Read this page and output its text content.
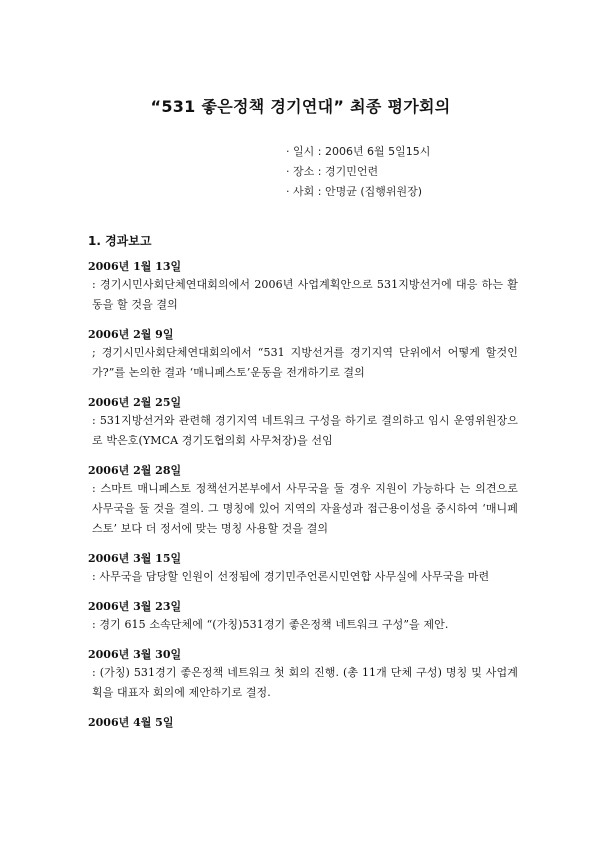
“531 좋은정책 경기연대” 최종 평가회의
· 일시 : 2006년 6월 5일15시
· 장소 : 경기민언련
· 사회 : 안명균 (집행위원장)
1. 경과보고
2006년 1월 13일
: 경기시민사회단체연대회의에서 2006년 사업계획안으로 531지방선거에 대응 하는 활동을 할 것을 결의
2006년 2월 9일
; 경기시민사회단체연대회의에서 “531 지방선거를 경기지역 단위에서 어떻게 할것인가?”를 논의한 결과 ‘매니페스토’운동을 전개하기로 결의
2006년 2월 25일
: 531지방선거와 관련해 경기지역 네트워크 구성을 하기로 결의하고 임시 운영위원장으로 박은호(YMCA 경기도협의회 사무처장)을 선임
2006년 2월 28일
: 스마트 매니페스토 정책선거본부에서 사무국을 둘 경우 지원이 가능하다 는 의견으로 사무국을 둘 것을 결의. 그 명칭에 있어 지역의 자율성과 접근용이성을 중시하여 ‘매니페스토’ 보다 더 정서에 맞는 명칭 사용할 것을 결의
2006년 3월 15일
: 사무국을 담당할 인원이 선정됨에 경기민주언론시민연합 사무실에 사무국을 마련
2006년 3월 23일
: 경기 615 소속단체에 “(가칭)531경기 좋은정책 네트워크 구성”을 제안.
2006년 3월 30일
: (가칭) 531경기 좋은정책 네트워크 첫 회의 진행. (총 11개 단체 구성) 명칭 및 사업계획을 대표자 회의에 제안하기로 결정.
2006년 4월 5일
